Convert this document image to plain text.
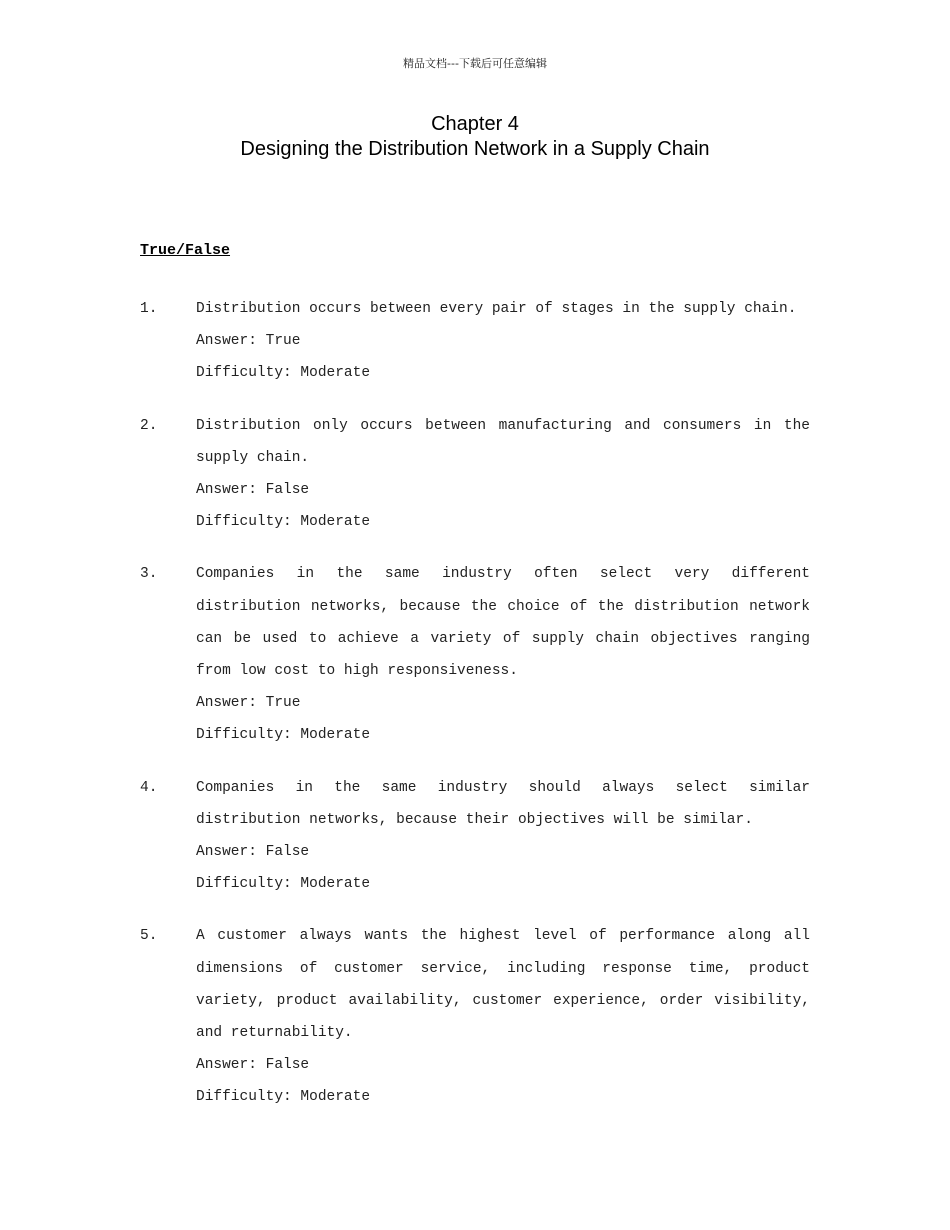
精品文档---下载后可任意编辑
Chapter 4
Designing the Distribution Network in a Supply Chain
True/False
1.	Distribution occurs between every pair of stages in the supply chain.
Answer: True
Difficulty: Moderate
2.	Distribution only occurs between manufacturing and consumers in the supply chain.
Answer: False
Difficulty: Moderate
3.	Companies in the same industry often select very different distribution networks, because the choice of the distribution network can be used to achieve a variety of supply chain objectives ranging from low cost to high responsiveness.
Answer: True
Difficulty: Moderate
4.	Companies in the same industry should always select similar distribution networks, because their objectives will be similar.
Answer: False
Difficulty: Moderate
5.	A customer always wants the highest level of performance along all dimensions of customer service, including response time, product variety, product availability, customer experience, order visibility, and returnability.
Answer: False
Difficulty: Moderate
